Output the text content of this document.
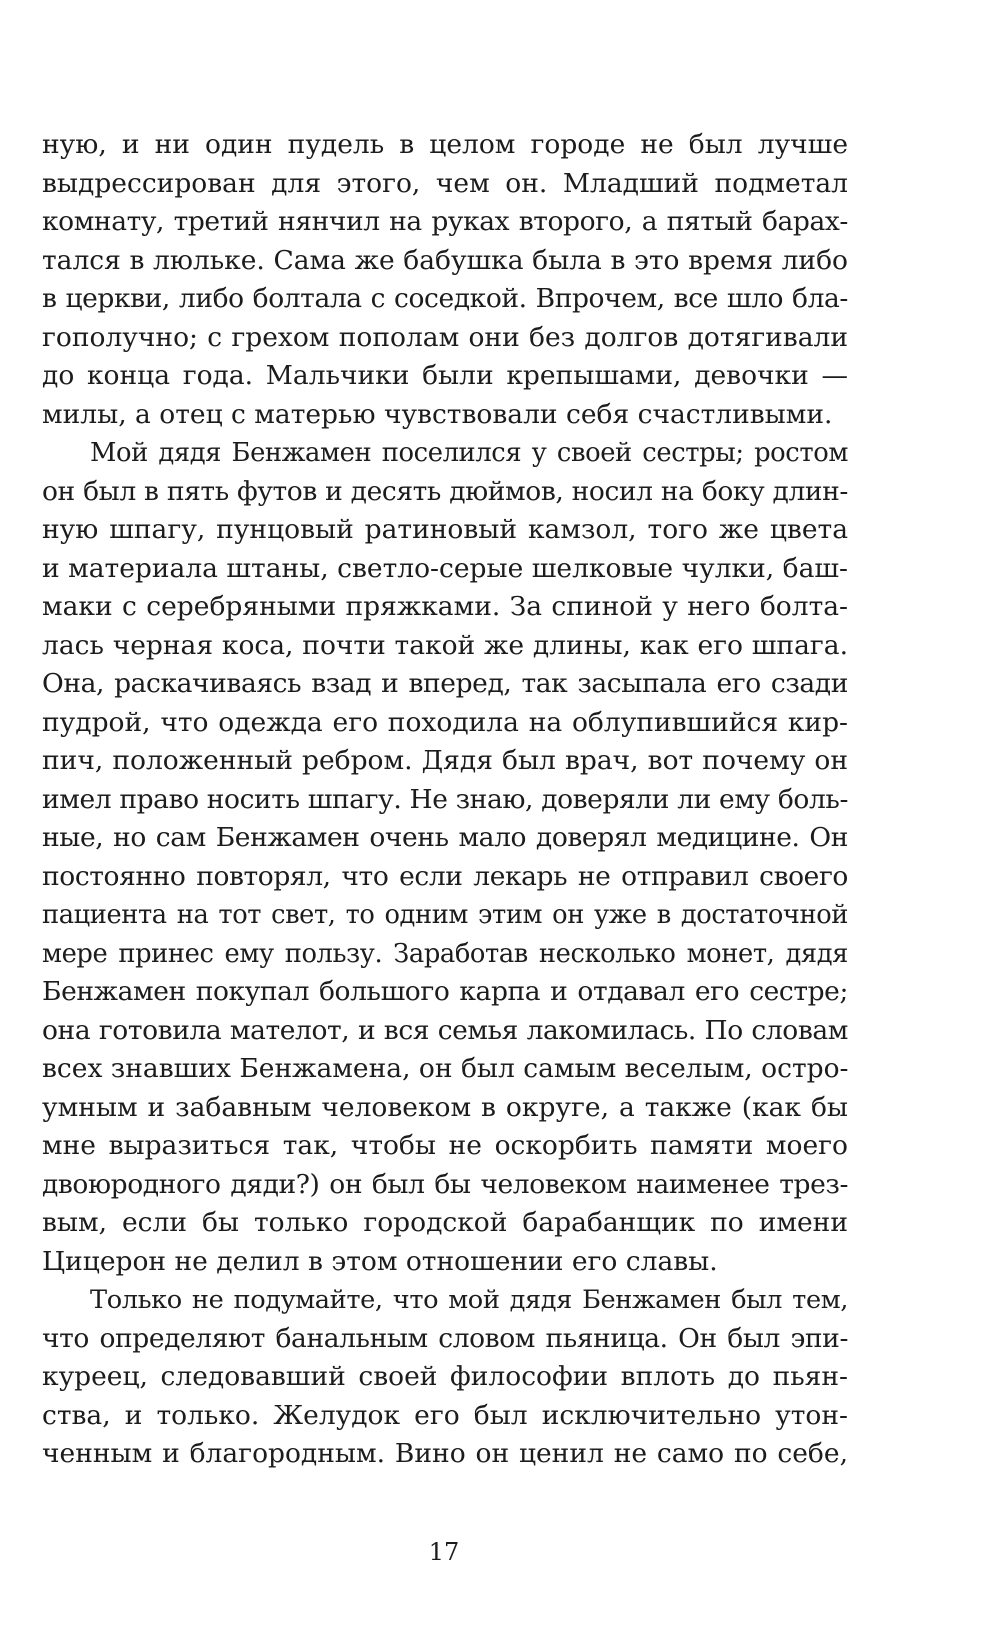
ную, и ни один пудель в целом городе не был лучше
выдрессирован для этого, чем он. Младший подметал
комнату, третий нянчил на руках второго, а пятый барах-
тался в люльке. Сама же бабушка была в это время либо
в церкви, либо болтала с соседкой. Впрочем, все шло бла-
гополучно; с грехом пополам они без долгов дотягивали
до конца года. Мальчики были крепышами, девочки —
милы, а отец с матерью чувствовали себя счастливыми.
Мой дядя Бенжамен поселился у своей сестры; ростом
он был в пять футов и десять дюймов, носил на боку длин-
ную шпагу, пунцовый ратиновый камзол, того же цвета
и материала штаны, светло-серые шелковые чулки, баш-
маки с серебряными пряжками. За спиной у него болта-
лась черная коса, почти такой же длины, как его шпага.
Она, раскачиваясь взад и вперед, так засыпала его сзади
пудрой, что одежда его походила на облупившийся кир-
пич, положенный ребром. Дядя был врач, вот почему он
имел право носить шпагу. Не знаю, доверяли ли ему боль-
ные, но сам Бенжамен очень мало доверял медицине. Он
постоянно повторял, что если лекарь не отправил своего
пациента на тот свет, то одним этим он уже в достаточной
мере принес ему пользу. Заработав несколько монет, дядя
Бенжамен покупал большого карпа и отдавал его сестре;
она готовила мателот, и вся семья лакомилась. По словам
всех знавших Бенжамена, он был самым веселым, остро-
умным и забавным человеком в округе, а также (как бы
мне выразиться так, чтобы не оскорбить памяти моего
двоюродного дяди?) он был бы человеком наименее трез-
вым, если бы только городской барабанщик по имени
Цицерон не делил в этом отношении его славы.
Только не подумайте, что мой дядя Бенжамен был тем,
что определяют банальным словом пьяница. Он был эпи-
куреец, следовавший своей философии вплоть до пьян-
ства, и только. Желудок его был исключительно утон-
ченным и благородным. Вино он ценил не само по себе,
17
